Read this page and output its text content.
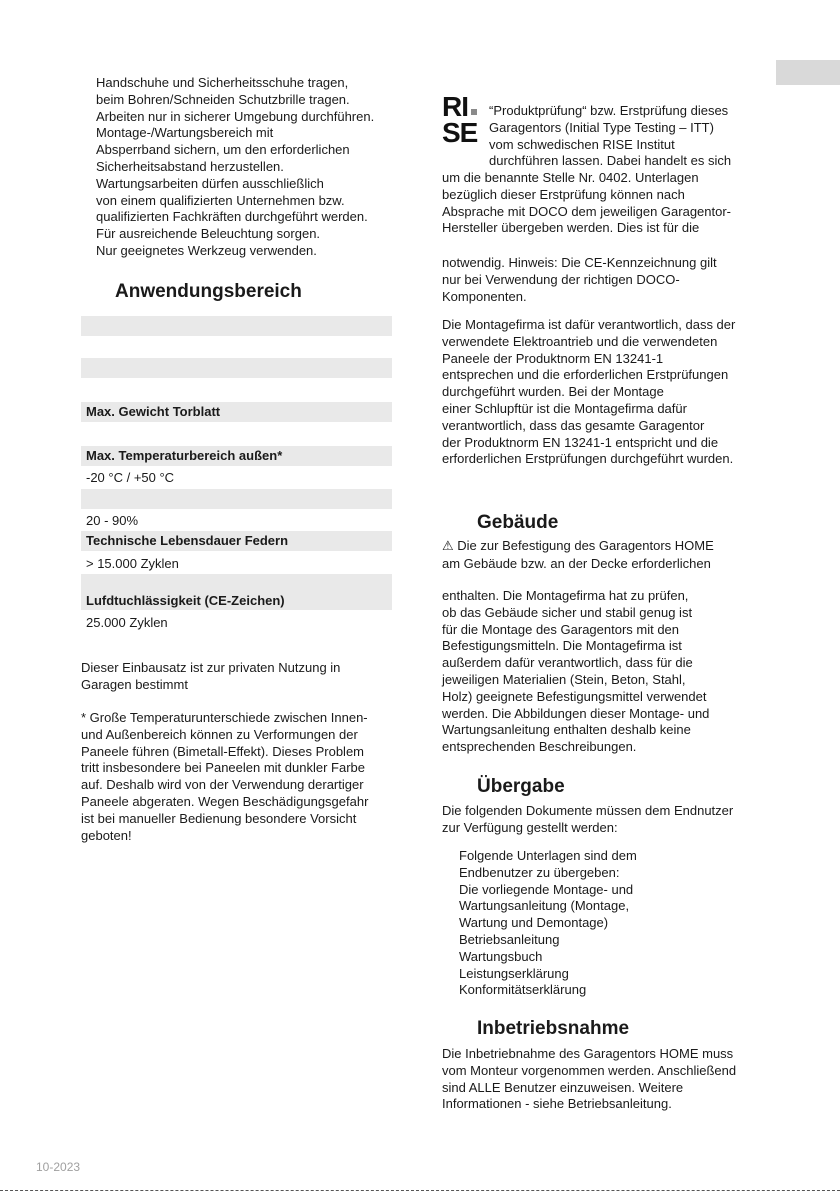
Handschuhe und Sicherheitsschuhe tragen,
beim Bohren/Schneiden Schutzbrille tragen.
Arbeiten nur in sicherer Umgebung durchführen.
Montage-/Wartungsbereich mit
Absperrband sichern, um den erforderlichen
Sicherheitsabstand herzustellen.
Wartungsarbeiten dürfen ausschließlich
von einem qualifizierten Unternehmen bzw.
qualifizierten Fachkräften durchgeführt werden.
Für ausreichende Beleuchtung sorgen.
Nur geeignetes Werkzeug verwenden.
Anwendungsbereich
Max. Gewicht Torblatt
Max. Temperaturbereich außen*
-20 °C / +50 °C
20 - 90%
Technische Lebensdauer Federn
> 15.000 Zyklen
Lufdtuchlässigkeit (CE-Zeichen)
25.000 Zyklen
Dieser Einbausatz ist zur privaten Nutzung in
Garagen bestimmt
* Große Temperaturunterschiede zwischen Innen-
und Außenbereich können zu Verformungen der
Paneele führen (Bimetall-Effekt). Dieses Problem
tritt insbesondere bei Paneelen mit dunkler Farbe
auf. Deshalb wird von der Verwendung derartiger
Paneele abgeraten. Wegen Beschädigungsgefahr
ist bei manueller Bedienung besondere Vorsicht
geboten!
RI
SE
“Produktprüfung“ bzw. Erstprüfung dieses
Garagentors (Initial Type Testing – ITT)
vom schwedischen RISE Institut
durchführen lassen. Dabei handelt es sich
um die benannte Stelle Nr. 0402. Unterlagen
bezüglich dieser Erstprüfung können nach
Absprache mit DOCO dem jeweiligen Garagentor-
Hersteller übergeben werden. Dies ist für die
notwendig. Hinweis: Die CE-Kennzeichnung gilt
nur bei Verwendung der richtigen DOCO-
Komponenten.
Die Montagefirma ist dafür verantwortlich, dass der
verwendete Elektroantrieb und die verwendeten
Paneele der Produktnorm EN 13241-1
entsprechen und die erforderlichen Erstprüfungen
durchgeführt wurden. Bei der Montage
einer Schlupftür ist die Montagefirma dafür
verantwortlich, dass das gesamte Garagentor
der Produktnorm EN 13241-1 entspricht und die
erforderlichen Erstprüfungen durchgeführt wurden.
Gebäude
⚠ Die zur Befestigung des Garagentors HOME
am Gebäude bzw. an der Decke erforderlichen
enthalten. Die Montagefirma hat zu prüfen,
ob das Gebäude sicher und stabil genug ist
für die Montage des Garagentors mit den
Befestigungsmitteln. Die Montagefirma ist
außerdem dafür verantwortlich, dass für die
jeweiligen Materialien (Stein, Beton, Stahl,
Holz) geeignete Befestigungsmittel verwendet
werden. Die Abbildungen dieser Montage- und
Wartungsanleitung enthalten deshalb keine
entsprechenden Beschreibungen.
Übergabe
Die folgenden Dokumente müssen dem Endnutzer
zur Verfügung gestellt werden:
Folgende Unterlagen sind dem
Endbenutzer zu übergeben:
Die vorliegende Montage- und
Wartungsanleitung (Montage,
Wartung und Demontage)
Betriebsanleitung
Wartungsbuch
Leistungserklärung
Konformitätserklärung
Inbetriebsnahme
Die Inbetriebnahme des Garagentors HOME muss
vom Monteur vorgenommen werden. Anschließend
sind ALLE Benutzer einzuweisen. Weitere
Informationen - siehe Betriebsanleitung.
10-2023
